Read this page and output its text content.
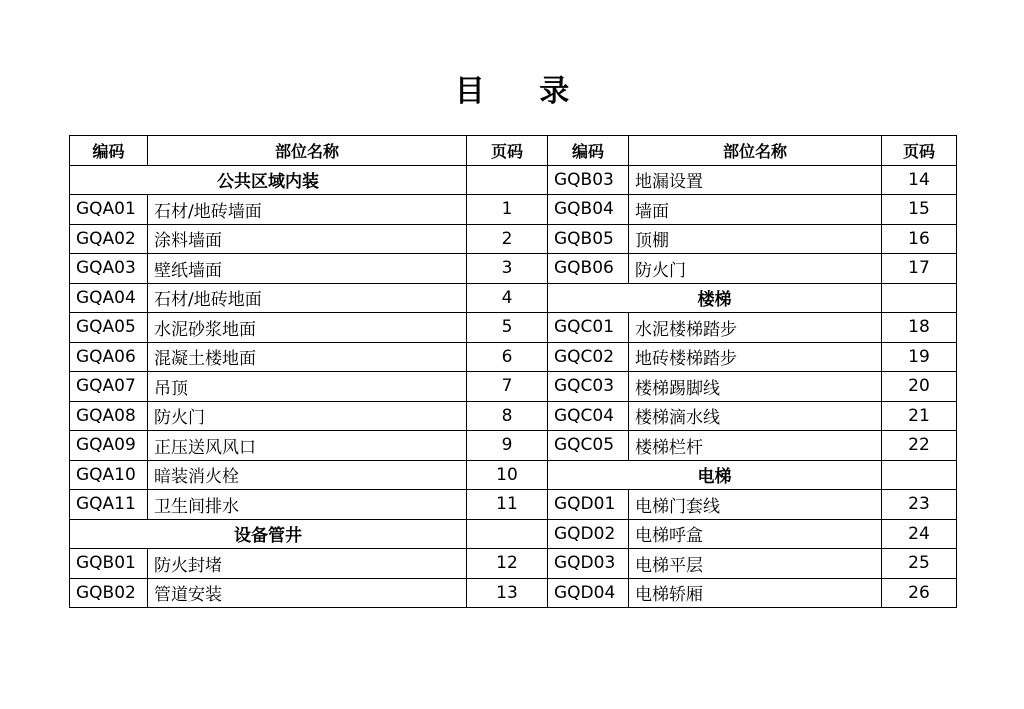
目 录
编码	部位名称	页码	编码	部位名称	页码
公共区域内装			GQB03	地漏设置	14
GQA01	石材/地砖墙面	1	GQB04	墙面	15
GQA02	涂料墙面	2	GQB05	顶棚	16
GQA03	壁纸墙面	3	GQB06	防火门	17
GQA04	石材/地砖地面	4	楼梯		
GQA05	水泥砂浆地面	5	GQC01	水泥楼梯踏步	18
GQA06	混凝土楼地面	6	GQC02	地砖楼梯踏步	19
GQA07	吊顶	7	GQC03	楼梯踢脚线	20
GQA08	防火门	8	GQC04	楼梯滴水线	21
GQA09	正压送风风口	9	GQC05	楼梯栏杆	22
GQA10	暗装消火栓	10	电梯		
GQA11	卫生间排水	11	GQD01	电梯门套线	23
设备管井			GQD02	电梯呼盒	24
GQB01	防火封堵	12	GQD03	电梯平层	25
GQB02	管道安装	13	GQD04	电梯轿厢	26
